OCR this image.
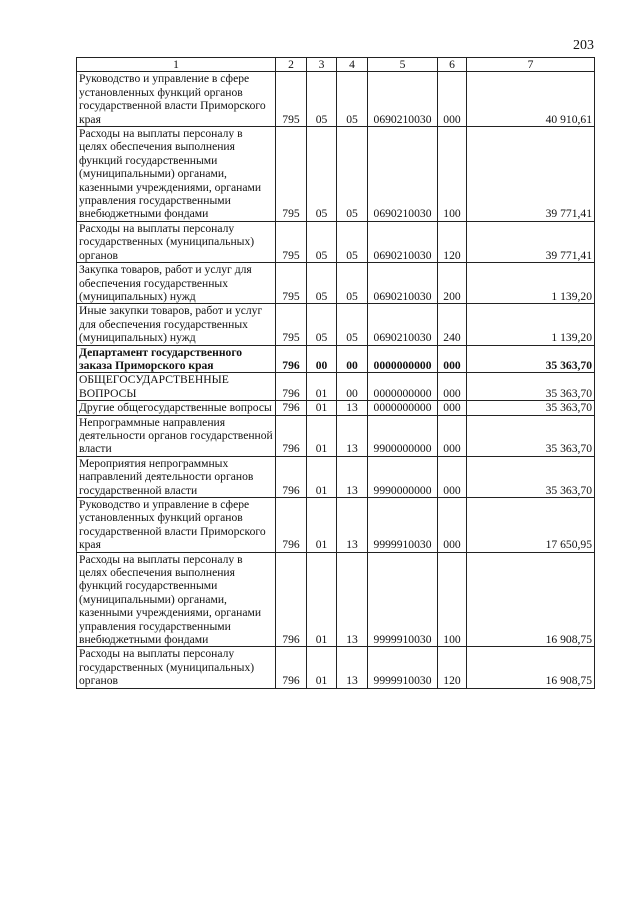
203
1	2	3	4	5	6	7
Руководство и управление в сфере установленных функций органов государственной власти Приморского края	795	05	05	0690210030	000	40 910,61
Расходы на выплаты персоналу в целях обеспечения выполнения функций государственными (муниципальными) органами, казенными учреждениями, органами управления государственными внебюджетными фондами	795	05	05	0690210030	100	39 771,41
Расходы на выплаты персоналу государственных (муниципальных) органов	795	05	05	0690210030	120	39 771,41
Закупка товаров, работ и услуг для обеспечения государственных (муниципальных) нужд	795	05	05	0690210030	200	1 139,20
Иные закупки товаров, работ и услуг для обеспечения государственных (муниципальных) нужд	795	05	05	0690210030	240	1 139,20
Департамент государственного заказа Приморского края	796	00	00	0000000000	000	35 363,70
ОБЩЕГОСУДАРСТВЕННЫЕ ВОПРОСЫ	796	01	00	0000000000	000	35 363,70
Другие общегосударственные вопросы	796	01	13	0000000000	000	35 363,70
Непрограммные направления деятельности органов государственной власти	796	01	13	9900000000	000	35 363,70
Мероприятия непрограммных направлений деятельности органов государственной власти	796	01	13	9990000000	000	35 363,70
Руководство и управление в сфере установленных функций органов государственной власти Приморского края	796	01	13	9999910030	000	17 650,95
Расходы на выплаты персоналу в целях обеспечения выполнения функций государственными (муниципальными) органами, казенными учреждениями, органами управления государственными внебюджетными фондами	796	01	13	9999910030	100	16 908,75
Расходы на выплаты персоналу государственных (муниципальных) органов	796	01	13	9999910030	120	16 908,75
